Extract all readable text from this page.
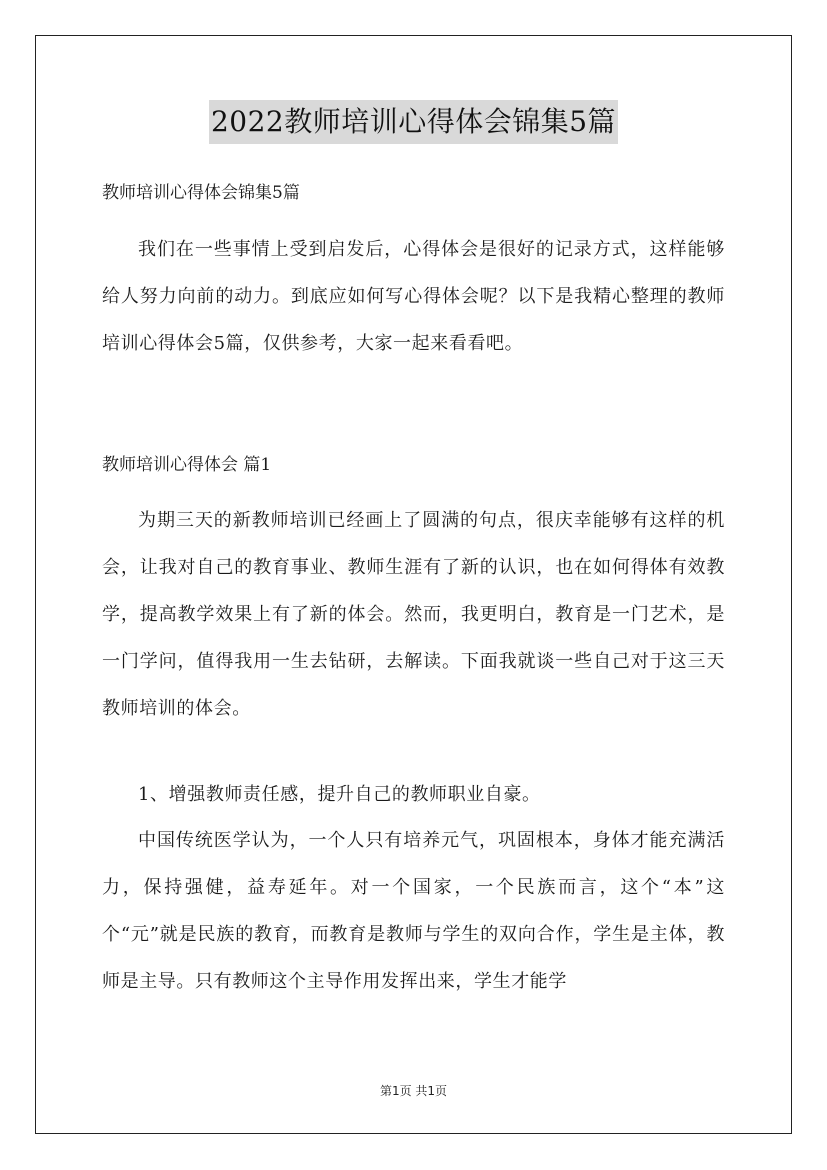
2022教师培训心得体会锦集5篇
教师培训心得体会锦集5篇

我们在一些事情上受到启发后，心得体会是很好的记录方式，这样能够给人努力向前的动力。到底应如何写心得体会呢？以下是我精心整理的教师培训心得体会5篇，仅供参考，大家一起来看看吧。

教师培训心得体会 篇1

为期三天的新教师培训已经画上了圆满的句点，很庆幸能够有这样的机会，让我对自己的教育事业、教师生涯有了新的认识，也在如何得体有效教学，提高教学效果上有了新的体会。然而，我更明白，教育是一门艺术，是一门学问，值得我用一生去钻研，去解读。下面我就谈一些自己对于这三天教师培训的体会。

1、增强教师责任感，提升自己的教师职业自豪。

中国传统医学认为，一个人只有培养元气，巩固根本，身体才能充满活力，保持强健，益寿延年。对一个国家，一个民族而言，这个“本”这个“元”就是民族的教育，而教育是教师与学生的双向合作，学生是主体，教师是主导。只有教师这个主导作用发挥出来，学生才能学

第1页 共1页
